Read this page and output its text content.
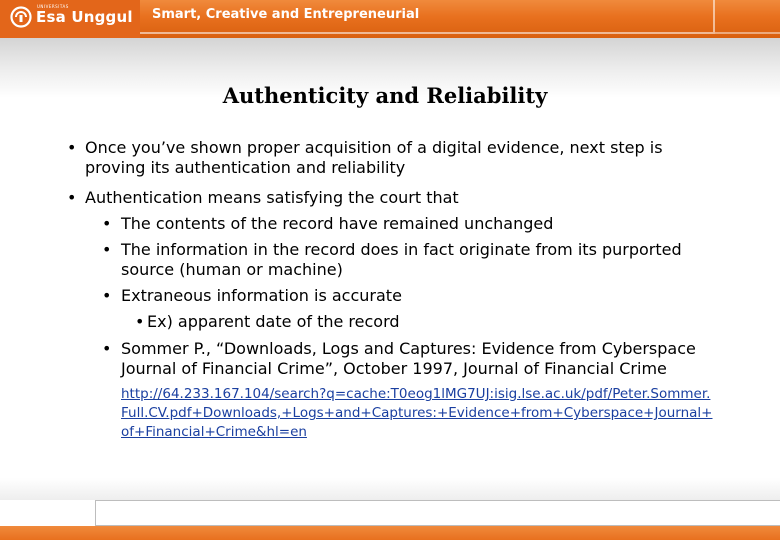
UNIVERSITAS
Esa Unggul Smart, Creative and Entrepreneurial
Authenticity and Reliability
• Once you’ve shown proper acquisition of a digital evidence, next step is proving its authentication and reliability
• Authentication means satisfying the court that
• The contents of the record have remained unchanged
• The information in the record does in fact originate from its purported source (human or machine)
• Extraneous information is accurate
• Ex) apparent date of the record
• Sommer P., “Downloads, Logs and Captures: Evidence from Cyberspace Journal of Financial Crime”, October 1997, Journal of Financial Crime
http://64.233.167.104/search?q=cache:T0eog1lMG7UJ:isig.lse.ac.uk/pdf/Peter.Sommer.Full.CV.pdf+Downloads,+Logs+and+Captures:+Evidence+from+Cyberspace+Journal+of+Financial+Crime&hl=en
